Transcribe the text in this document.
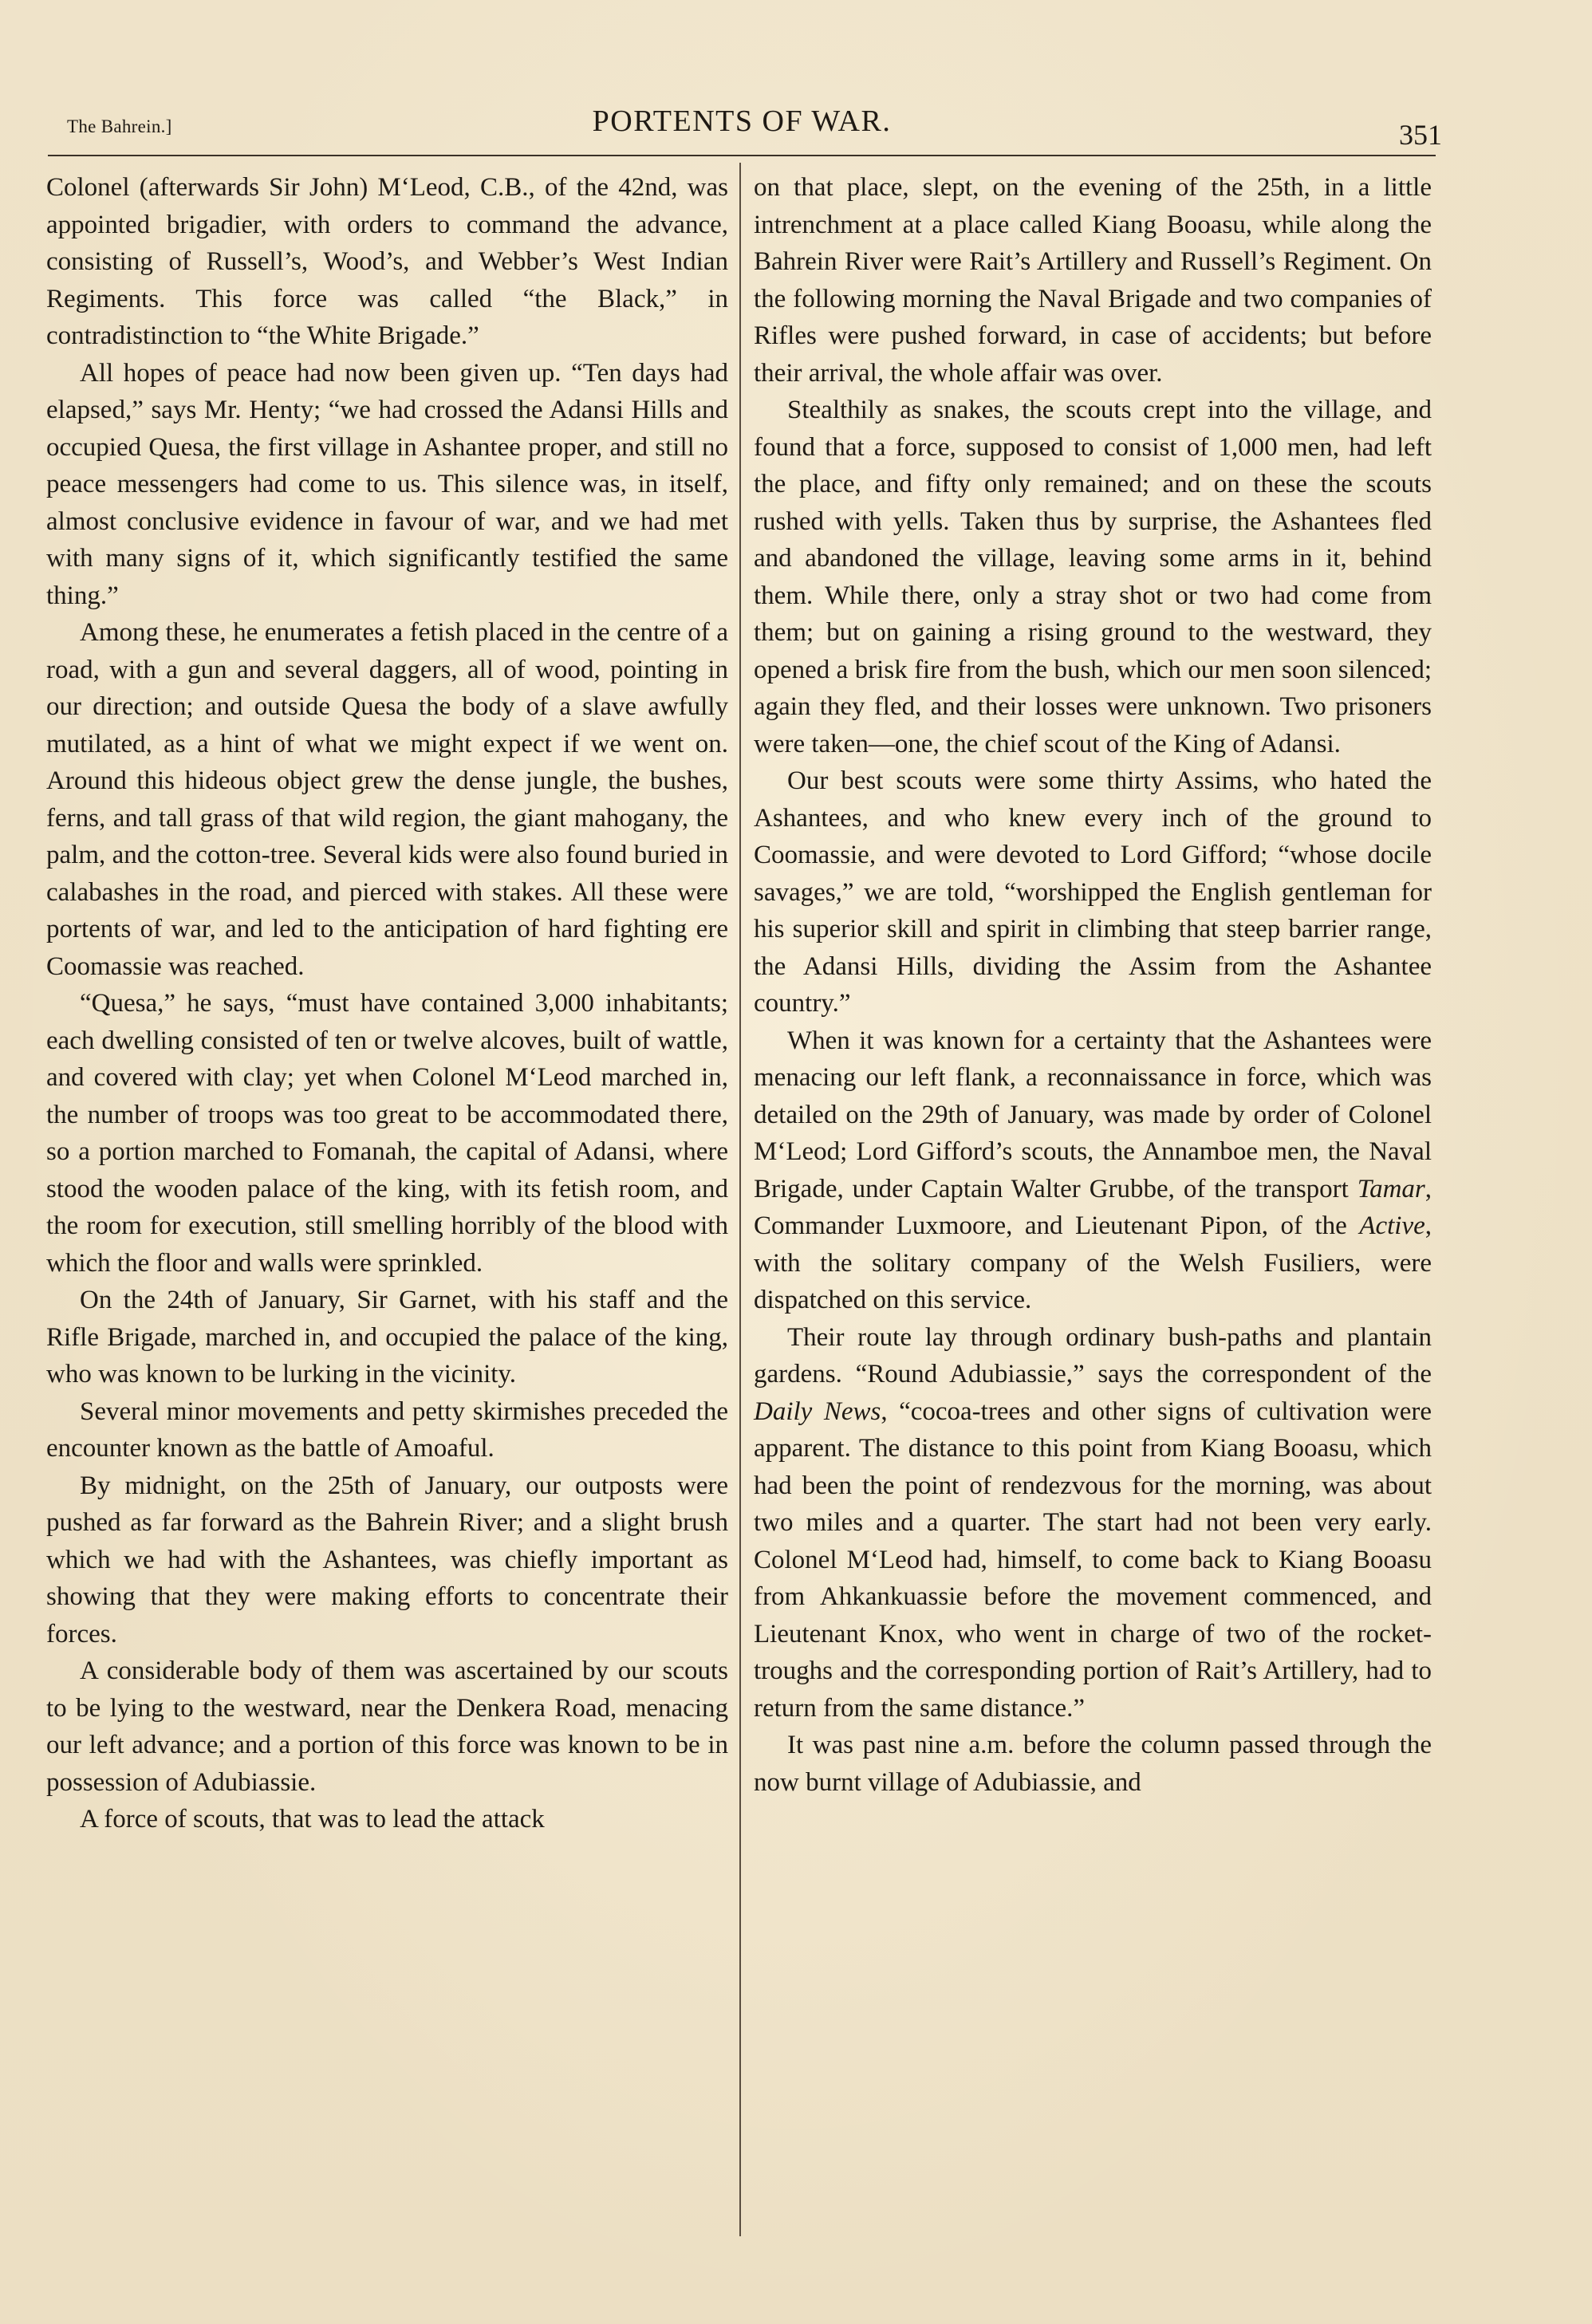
The Bahrein.]	PORTENTS OF WAR.	351

Colonel (afterwards Sir John) M‘Leod, C.B., of the 42nd, was appointed brigadier, with orders to command the advance, consisting of Russell’s, Wood’s, and Webber’s West Indian Regiments. This force was called “the Black,” in contradistinction to “the White Brigade.”

All hopes of peace had now been given up. “Ten days had elapsed,” says Mr. Henty; “we had crossed the Adansi Hills and occupied Quesa, the first village in Ashantee proper, and still no peace messengers had come to us. This silence was, in itself, almost conclusive evidence in favour of war, and we had met with many signs of it, which significantly testified the same thing.”

Among these, he enumerates a fetish placed in the centre of a road, with a gun and several daggers, all of wood, pointing in our direction; and outside Quesa the body of a slave awfully mutilated, as a hint of what we might expect if we went on. Around this hideous object grew the dense jungle, the bushes, ferns, and tall grass of that wild region, the giant mahogany, the palm, and the cotton-tree. Several kids were also found buried in calabashes in the road, and pierced with stakes. All these were portents of war, and led to the anticipation of hard fighting ere Coomassie was reached.

“Quesa,” he says, “must have contained 3,000 inhabitants; each dwelling consisted of ten or twelve alcoves, built of wattle, and covered with clay; yet when Colonel M‘Leod marched in, the number of troops was too great to be accommodated there, so a portion marched to Fomanah, the capital of Adansi, where stood the wooden palace of the king, with its fetish room, and the room for execution, still smelling horribly of the blood with which the floor and walls were sprinkled.

On the 24th of January, Sir Garnet, with his staff and the Rifle Brigade, marched in, and occupied the palace of the king, who was known to be lurking in the vicinity.

Several minor movements and petty skirmishes preceded the encounter known as the battle of Amoaful.

By midnight, on the 25th of January, our outposts were pushed as far forward as the Bahrein River; and a slight brush which we had with the Ashantees, was chiefly important as showing that they were making efforts to concentrate their forces.

A considerable body of them was ascertained by our scouts to be lying to the westward, near the Denkera Road, menacing our left advance; and a portion of this force was known to be in possession of Adubiassie.

A force of scouts, that was to lead the attack

on that place, slept, on the evening of the 25th, in a little intrenchment at a place called Kiang Booasu, while along the Bahrein River were Rait’s Artillery and Russell’s Regiment. On the following morning the Naval Brigade and two companies of Rifles were pushed forward, in case of accidents; but before their arrival, the whole affair was over.

Stealthily as snakes, the scouts crept into the village, and found that a force, supposed to consist of 1,000 men, had left the place, and fifty only remained; and on these the scouts rushed with yells. Taken thus by surprise, the Ashantees fled and abandoned the village, leaving some arms in it, behind them. While there, only a stray shot or two had come from them; but on gaining a rising ground to the westward, they opened a brisk fire from the bush, which our men soon silenced; again they fled, and their losses were unknown. Two prisoners were taken—one, the chief scout of the King of Adansi.

Our best scouts were some thirty Assims, who hated the Ashantees, and who knew every inch of the ground to Coomassie, and were devoted to Lord Gifford; “whose docile savages,” we are told, “worshipped the English gentleman for his superior skill and spirit in climbing that steep barrier range, the Adansi Hills, dividing the Assim from the Ashantee country.”

When it was known for a certainty that the Ashantees were menacing our left flank, a reconnaissance in force, which was detailed on the 29th of January, was made by order of Colonel M‘Leod; Lord Gifford’s scouts, the Annamboe men, the Naval Brigade, under Captain Walter Grubbe, of the transport Tamar, Commander Luxmoore, and Lieutenant Pipon, of the Active, with the solitary company of the Welsh Fusiliers, were dispatched on this service.

Their route lay through ordinary bush-paths and plantain gardens. “Round Adubiassie,” says the correspondent of the Daily News, “cocoa-trees and other signs of cultivation were apparent. The distance to this point from Kiang Booasu, which had been the point of rendezvous for the morning, was about two miles and a quarter. The start had not been very early. Colonel M‘Leod had, himself, to come back to Kiang Booasu from Ahkankuassie before the movement commenced, and Lieutenant Knox, who went in charge of two of the rocket-troughs and the corresponding portion of Rait’s Artillery, had to return from the same distance.”

It was past nine a.m. before the column passed through the now burnt village of Adubiassie, and
